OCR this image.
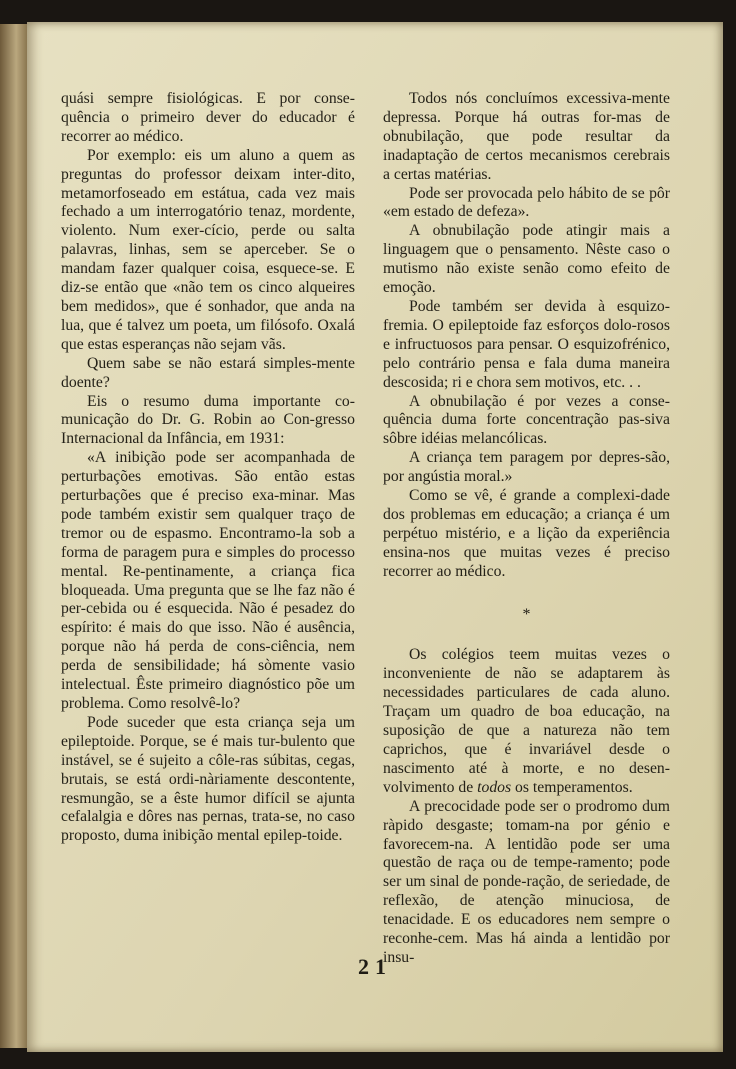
quási sempre fisiológicas. E por conse-quência o primeiro dever do educador é recorrer ao médico.

Por exemplo: eis um aluno a quem as preguntas do professor deixam inter-dito, metamorfoseado em estátua, cada vez mais fechado a um interrogatório tenaz, mordente, violento. Num exer-cício, perde ou salta palavras, linhas, sem se aperceber. Se o mandam fazer qualquer coisa, esquece-se. E diz-se então que «não tem os cinco alqueires bem medidos», que é sonhador, que anda na lua, que é talvez um poeta, um filósofo. Oxalá que estas esperanças não sejam vãs.

Quem sabe se não estará simples-mente doente?

Eis o resumo duma importante co-municação do Dr. G. Robin ao Con-gresso Internacional da Infância, em 1931:

«A inibição pode ser acompanhada de perturbações emotivas. São então estas perturbações que é preciso exa-minar. Mas pode também existir sem qualquer traço de tremor ou de espasmo. Encontramo-la sob a forma de paragem pura e simples do processo mental. Re-pentinamente, a criança fica bloqueada. Uma pregunta que se lhe faz não é per-cebida ou é esquecida. Não é pesadez do espírito: é mais do que isso. Não é ausência, porque não há perda de cons-ciência, nem perda de sensibilidade; há sòmente vasio intelectual. Êste primeiro diagnóstico põe um problema. Como resolvê-lo?

Pode suceder que esta criança seja um epileptoide. Porque, se é mais tur-bulento que instável, se é sujeito a côle-ras súbitas, cegas, brutais, se está ordi-nàriamente descontente, resmungão, se a êste humor difícil se ajunta cefalalgia e dôres nas pernas, trata-se, no caso proposto, duma inibição mental epilep-toide.

Todos nós concluímos excessiva-mente depressa. Porque há outras for-mas de obnubilação, que pode resultar da inadaptação de certos mecanismos cerebrais a certas matérias.

Pode ser provocada pelo hábito de se pôr «em estado de defeza».

A obnubilação pode atingir mais a linguagem que o pensamento. Nêste caso o mutismo não existe senão como efeito de emoção.

Pode também ser devida à esquizo-fremia. O epileptoide faz esforços dolo-rosos e infructuosos para pensar. O esquizofrénico, pelo contrário pensa e fala duma maneira descosida; ri e chora sem motivos, etc. . .

A obnubilação é por vezes a conse-quência duma forte concentração pas-siva sôbre idéias melancólicas.

A criança tem paragem por depres-são, por angústia moral.»

Como se vê, é grande a complexi-dade dos problemas em educação; a criança é um perpétuo mistério, e a lição da experiência ensina-nos que muitas vezes é preciso recorrer ao médico.

*

Os colégios teem muitas vezes o inconveniente de não se adaptarem às necessidades particulares de cada aluno. Traçam um quadro de boa educação, na suposição de que a natureza não tem caprichos, que é invariável desde o nascimento até à morte, e no desen-volvimento de todos os temperamentos.

A precocidade pode ser o prodromo dum ràpido desgaste; tomam-na por génio e favorecem-na. A lentidão pode ser uma questão de raça ou de tempe-ramento; pode ser um sinal de ponde-ração, de seriedade, de reflexão, de atenção minuciosa, de tenacidade. E os educadores nem sempre o reconhe-cem. Mas há ainda a lentidão por insu-

21
